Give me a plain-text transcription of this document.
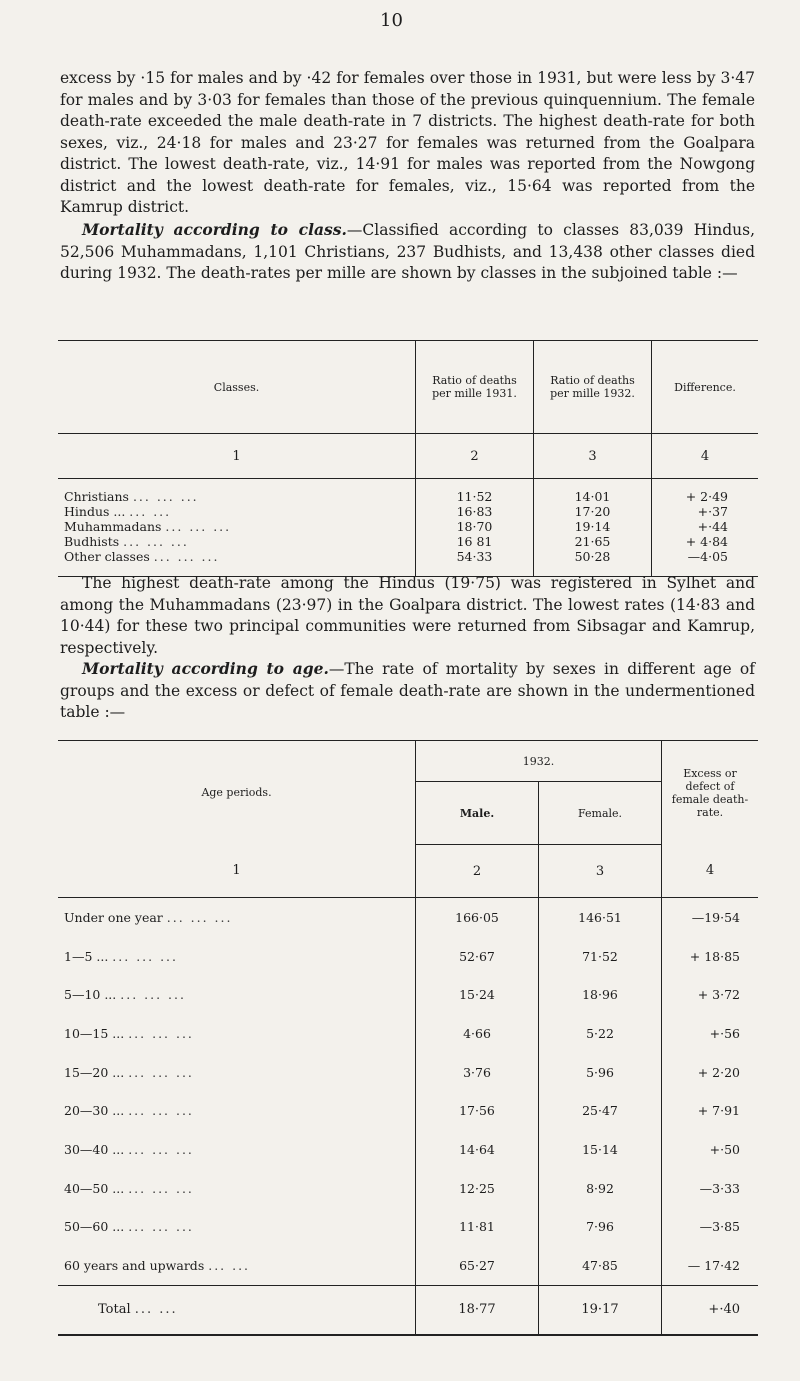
10

excess by ·15 for males and by ·42 for females over those in 1931, but were less by 3·47 for males and by 3·03 for females than those of the previous quinquennium. The female death-rate exceeded the male death-rate in 7 districts. The highest death-rate for both sexes, viz., 24·18 for males and 23·27 for females was returned from the Goalpara district. The lowest death-rate, viz., 14·91 for males was reported from the Nowgong district and the lowest death-rate for females, viz., 15·64 was reported from the Kamrup district.

Mortality according to class.—Classified according to classes 83,039 Hindus, 52,506 Muhammadans, 1,101 Christians, 237 Budhists, and 13,438 other classes died during 1932. The death-rates per mille are shown by classes in the subjoined table :—

Classes.	Ratio of deaths per mille 1931.	Ratio of deaths per mille 1932.	Difference.
1	2	3	4

Christians ... ... ...	11·52	14·01	+ 2·49
Hindus ... ... ...	16·83	17·20	+·37
Muhammadans ... ... ...	18·70	19·14	+·44
Budhists ... ... ...	16 81	21·65	+ 4·84
Other classes ... ... ...	54·33	50·28	—4·05

The highest death-rate among the Hindus (19·75) was registered in Sylhet and among the Muhammadans (23·97) in the Goalpara district. The lowest rates (14·83 and 10·44) for these two principal communities were returned from Sibsagar and Kamrup, respectively.

Mortality according to age.—The rate of mortality by sexes in different age of groups and the excess or defect of female death-rate are shown in the undermentioned table :—

Age periods.	1932.		Excess or defect of female death-rate.
	Male.	Female.	
1	2	3	4
Under one year ... ... ...	166·05	146·51	—19·54
1—5 ... ... ... ...	52·67	71·52	+ 18·85
5—10 ... ... ... ...	15·24	18·96	+ 3·72
10—15 ... ... ... ...	4·66	5·22	+·56
15—20 ... ... ... ...	3·76	5·96	+ 2·20
20—30 ... ... ... ...	17·56	25·47	+ 7·91
30—40 ... ... ... ...	14·64	15·14	+·50
40—50 ... ... ... ...	12·25	8·92	—3·33
50—60 ... ... ... ...	11·81	7·96	—3·85
60 years and upwards ... ...	65·27	47·85	— 17·42
Total ... ...	18·77	19·17	+·40
